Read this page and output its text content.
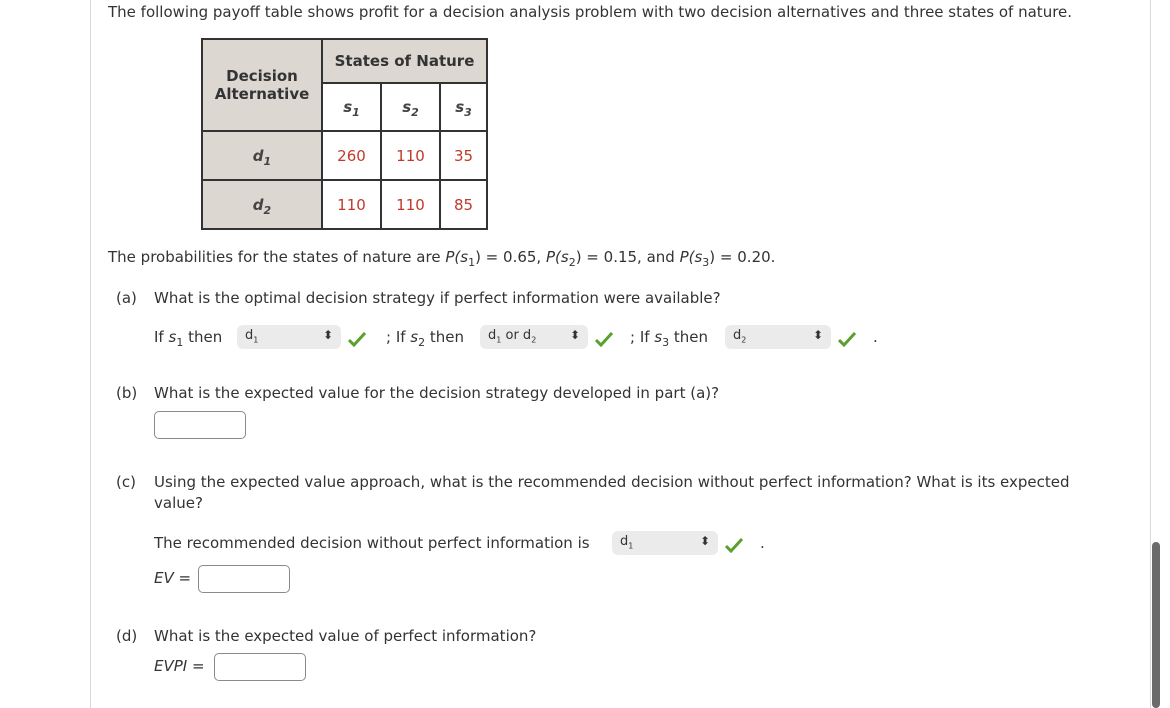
The following payoff table shows profit for a decision analysis problem with two decision alternatives and three states of nature.
Decision
Alternative	States of Nature		
	$s_1$	$s_2$	$s_3$
$d_1$	260	110	35
$d_2$	110	110	85
The probabilities for the states of nature are $P(s_1) = 0.65$, $P(s_2) = 0.15$, and $P(s_3) = 0.20$.
(a) What is the optimal decision strategy if perfect information were available?
If $s_1$ then	$d_1$	⬍	; If $s_2$ then	$d_1$ or $d_2$	⬍	; If $s_3$ then	$d_2$	⬍	.
(b) What is the expected value for the decision strategy developed in part (a)?
(c) Using the expected value approach, what is the recommended decision without perfect information? What is its expected
value?
The recommended decision without perfect information is	$d_1$	⬍	.
EV =
(d) What is the expected value of perfect information?
EVPI =
